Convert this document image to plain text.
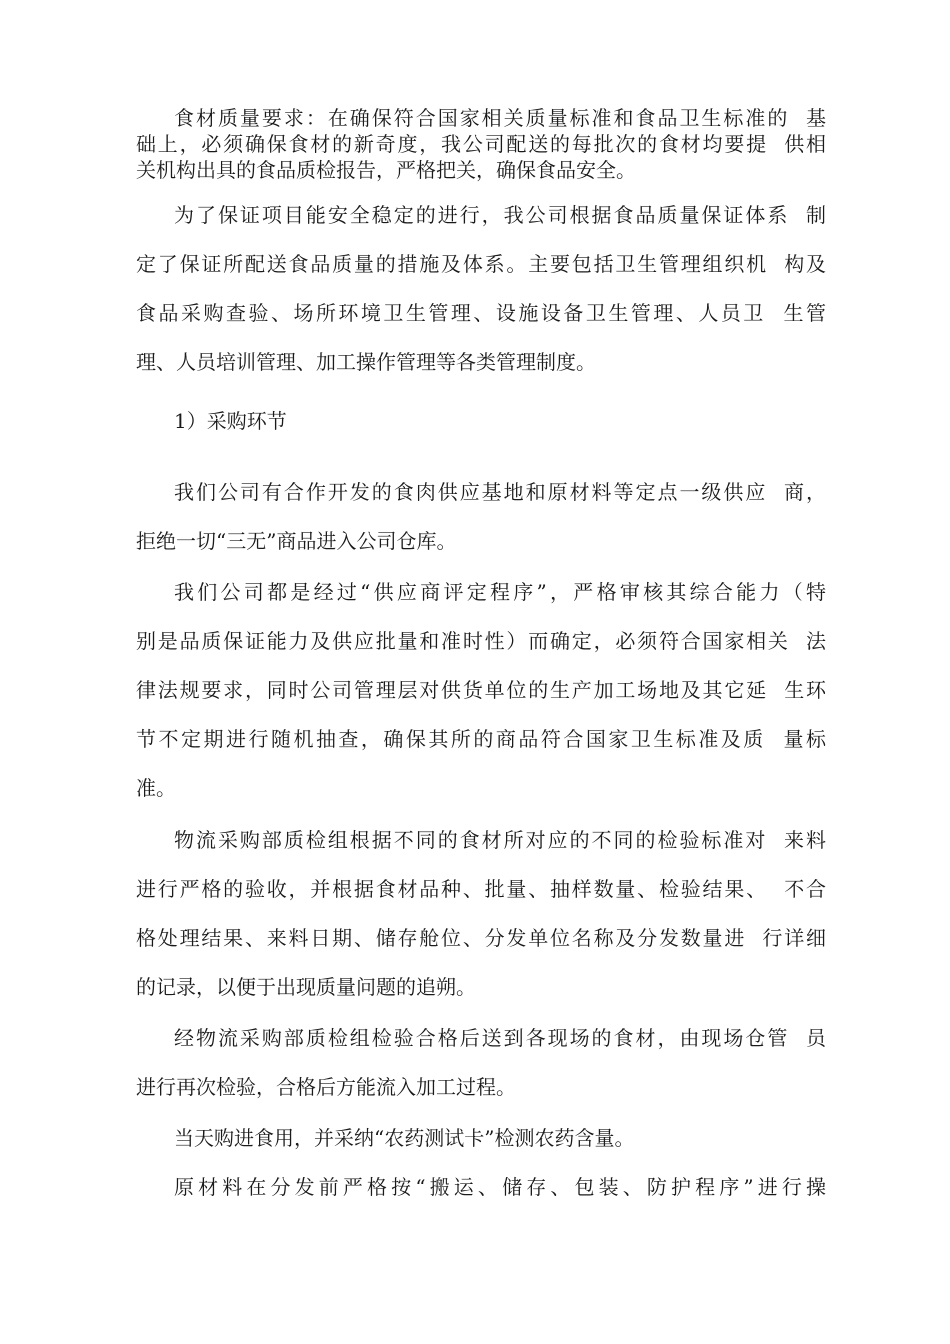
食材质量要求：在确保符合国家相关质量标准和食品卫生标准的  基
础上，必须确保食材的新奇度，我公司配送的每批次的食材均要提  供相
关机构出具的食品质检报告，严格把关，确保食品安全。
为了保证项目能安全稳定的进行，我公司根据食品质量保证体系  制
定了保证所配送食品质量的措施及体系。主要包括卫生管理组织机  构及
食品采购查验、场所环境卫生管理、设施设备卫生管理、人员卫  生管
理、人员培训管理、加工操作管理等各类管理制度。
1）采购环节
我们公司有合作开发的食肉供应基地和原材料等定点一级供应  商，
拒绝一切“三无”商品进入公司仓库。
我们公司都是经过“供应商评定程序”，严格审核其综合能力（特
别是品质保证能力及供应批量和准时性）而确定，必须符合国家相关  法
律法规要求，同时公司管理层对供货单位的生产加工场地及其它延  生环
节不定期进行随机抽查，确保其所的商品符合国家卫生标准及质  量标
准。
物流采购部质检组根据不同的食材所对应的不同的检验标准对  来料
进行严格的验收，并根据食材品种、批量、抽样数量、检验结果、  不合
格处理结果、来料日期、储存舱位、分发单位名称及分发数量进  行详细
的记录，以便于出现质量问题的追朔。
经物流采购部质检组检验合格后送到各现场的食材，由现场仓管  员
进行再次检验，合格后方能流入加工过程。
当天购进食用，并采纳“农药测试卡”检测农药含量。
原材料在分发前严格按“搬运、储存、包装、防护程序”进行操
